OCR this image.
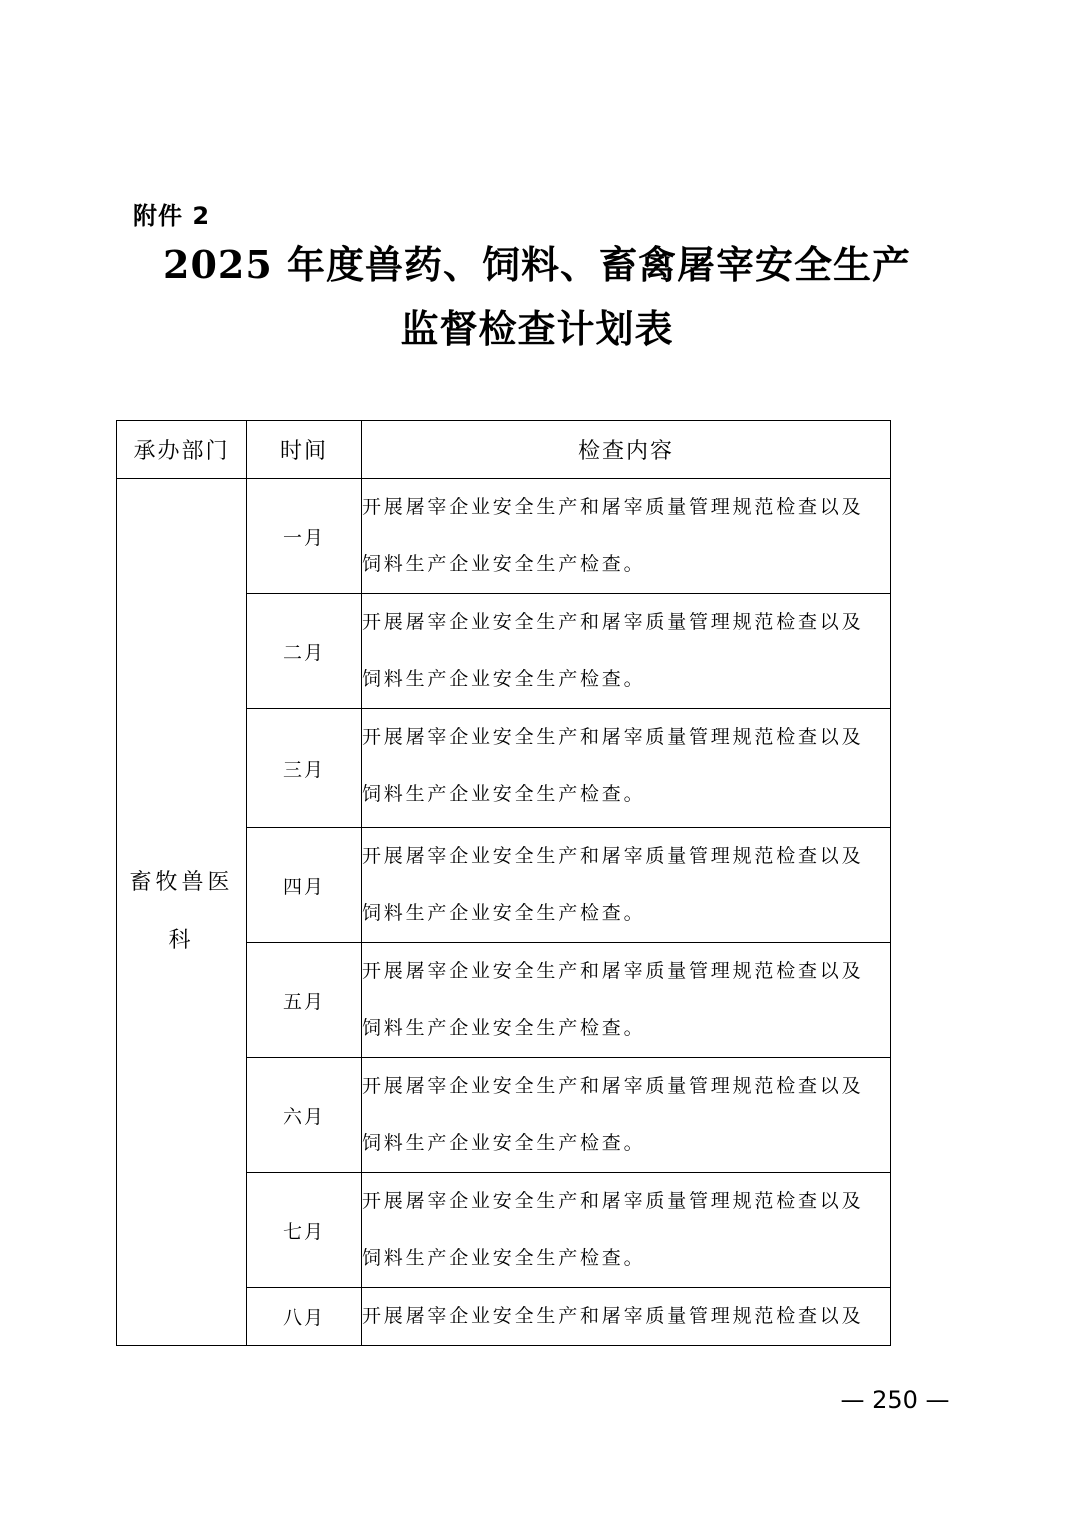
附件 2
2025 年度兽药、饲料、畜禽屠宰安全生产
监督检查计划表
承办部门	时间	检查内容
畜牧兽医
科	一月	开展屠宰企业安全生产和屠宰质量管理规范检查以及
饲料生产企业安全生产检查。

	二月	开展屠宰企业安全生产和屠宰质量管理规范检查以及
饲料生产企业安全生产检查。

	三月	开展屠宰企业安全生产和屠宰质量管理规范检查以及
饲料生产企业安全生产检查。

	四月	开展屠宰企业安全生产和屠宰质量管理规范检查以及
饲料生产企业安全生产检查。

	五月	开展屠宰企业安全生产和屠宰质量管理规范检查以及
饲料生产企业安全生产检查。

	六月	开展屠宰企业安全生产和屠宰质量管理规范检查以及
饲料生产企业安全生产检查。

	七月	开展屠宰企业安全生产和屠宰质量管理规范检查以及
饲料生产企业安全生产检查。

	八月	开展屠宰企业安全生产和屠宰质量管理规范检查以及
— 250 —
